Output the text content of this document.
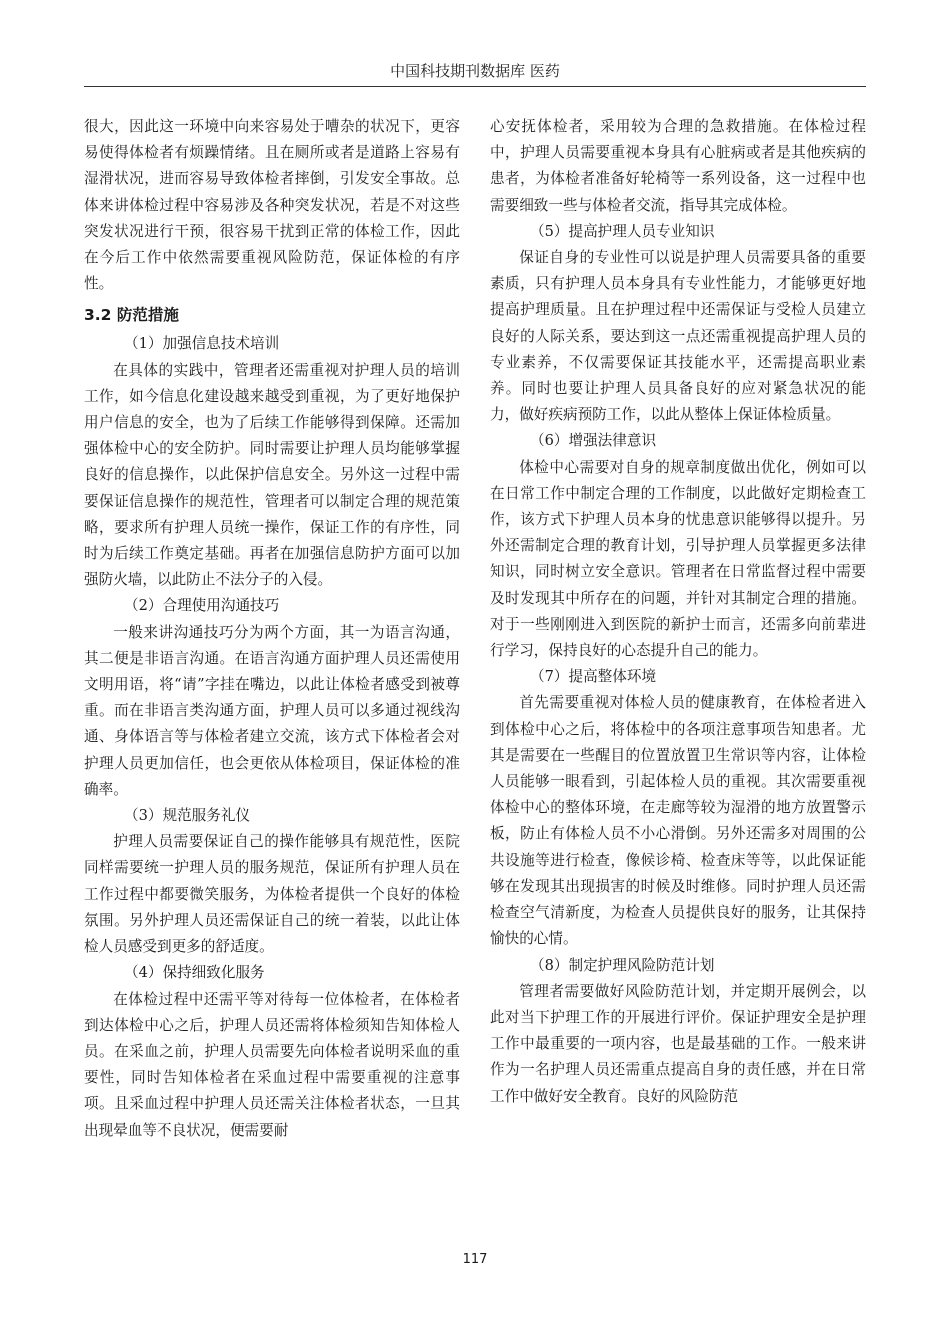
中国科技期刊数据库 医药

很大，因此这一环境中向来容易处于嘈杂的状况下，更容易使得体检者有烦躁情绪。且在厕所或者是道路上容易有湿滑状况，进而容易导致体检者摔倒，引发安全事故。总体来讲体检过程中容易涉及各种突发状况，若是不对这些突发状况进行干预，很容易干扰到正常的体检工作，因此在今后工作中依然需要重视风险防范，保证体检的有序性。

3.2 防范措施

（1）加强信息技术培训

在具体的实践中，管理者还需重视对护理人员的培训工作，如今信息化建设越来越受到重视，为了更好地保护用户信息的安全，也为了后续工作能够得到保障。还需加强体检中心的安全防护。同时需要让护理人员均能够掌握良好的信息操作，以此保护信息安全。另外这一过程中需要保证信息操作的规范性，管理者可以制定合理的规范策略，要求所有护理人员统一操作，保证工作的有序性，同时为后续工作奠定基础。再者在加强信息防护方面可以加强防火墙，以此防止不法分子的入侵。

（2）合理使用沟通技巧

一般来讲沟通技巧分为两个方面，其一为语言沟通，其二便是非语言沟通。在语言沟通方面护理人员还需使用文明用语，将“请”字挂在嘴边，以此让体检者感受到被尊重。而在非语言类沟通方面，护理人员可以多通过视线沟通、身体语言等与体检者建立交流，该方式下体检者会对护理人员更加信任，也会更依从体检项目，保证体检的准确率。

（3）规范服务礼仪

护理人员需要保证自己的操作能够具有规范性，医院同样需要统一护理人员的服务规范，保证所有护理人员在工作过程中都要微笑服务，为体检者提供一个良好的体检氛围。另外护理人员还需保证自己的统一着装，以此让体检人员感受到更多的舒适度。

（4）保持细致化服务

在体检过程中还需平等对待每一位体检者，在体检者到达体检中心之后，护理人员还需将体检须知告知体检人员。在采血之前，护理人员需要先向体检者说明采血的重要性，同时告知体检者在采血过程中需要重视的注意事项。且采血过程中护理人员还需关注体检者状态，一旦其出现晕血等不良状况，便需要耐

心安抚体检者，采用较为合理的急救措施。在体检过程中，护理人员需要重视本身具有心脏病或者是其他疾病的患者，为体检者准备好轮椅等一系列设备，这一过程中也需要细致一些与体检者交流，指导其完成体检。

（5）提高护理人员专业知识

保证自身的专业性可以说是护理人员需要具备的重要素质，只有护理人员本身具有专业性能力，才能够更好地提高护理质量。且在护理过程中还需保证与受检人员建立良好的人际关系，要达到这一点还需重视提高护理人员的专业素养，不仅需要保证其技能水平，还需提高职业素养。同时也要让护理人员具备良好的应对紧急状况的能力，做好疾病预防工作，以此从整体上保证体检质量。

（6）增强法律意识

体检中心需要对自身的规章制度做出优化，例如可以在日常工作中制定合理的工作制度，以此做好定期检查工作，该方式下护理人员本身的忧患意识能够得以提升。另外还需制定合理的教育计划，引导护理人员掌握更多法律知识，同时树立安全意识。管理者在日常监督过程中需要及时发现其中所存在的问题，并针对其制定合理的措施。对于一些刚刚进入到医院的新护士而言，还需多向前辈进行学习，保持良好的心态提升自己的能力。

（7）提高整体环境

首先需要重视对体检人员的健康教育，在体检者进入到体检中心之后，将体检中的各项注意事项告知患者。尤其是需要在一些醒目的位置放置卫生常识等内容，让体检人员能够一眼看到，引起体检人员的重视。其次需要重视体检中心的整体环境，在走廊等较为湿滑的地方放置警示板，防止有体检人员不小心滑倒。另外还需多对周围的公共设施等进行检查，像候诊椅、检查床等等，以此保证能够在发现其出现损害的时候及时维修。同时护理人员还需检查空气清新度，为检查人员提供良好的服务，让其保持愉快的心情。

（8）制定护理风险防范计划

管理者需要做好风险防范计划，并定期开展例会，以此对当下护理工作的开展进行评价。保证护理安全是护理工作中最重要的一项内容，也是最基础的工作。一般来讲作为一名护理人员还需重点提高自身的责任感，并在日常工作中做好安全教育。良好的风险防范

117
